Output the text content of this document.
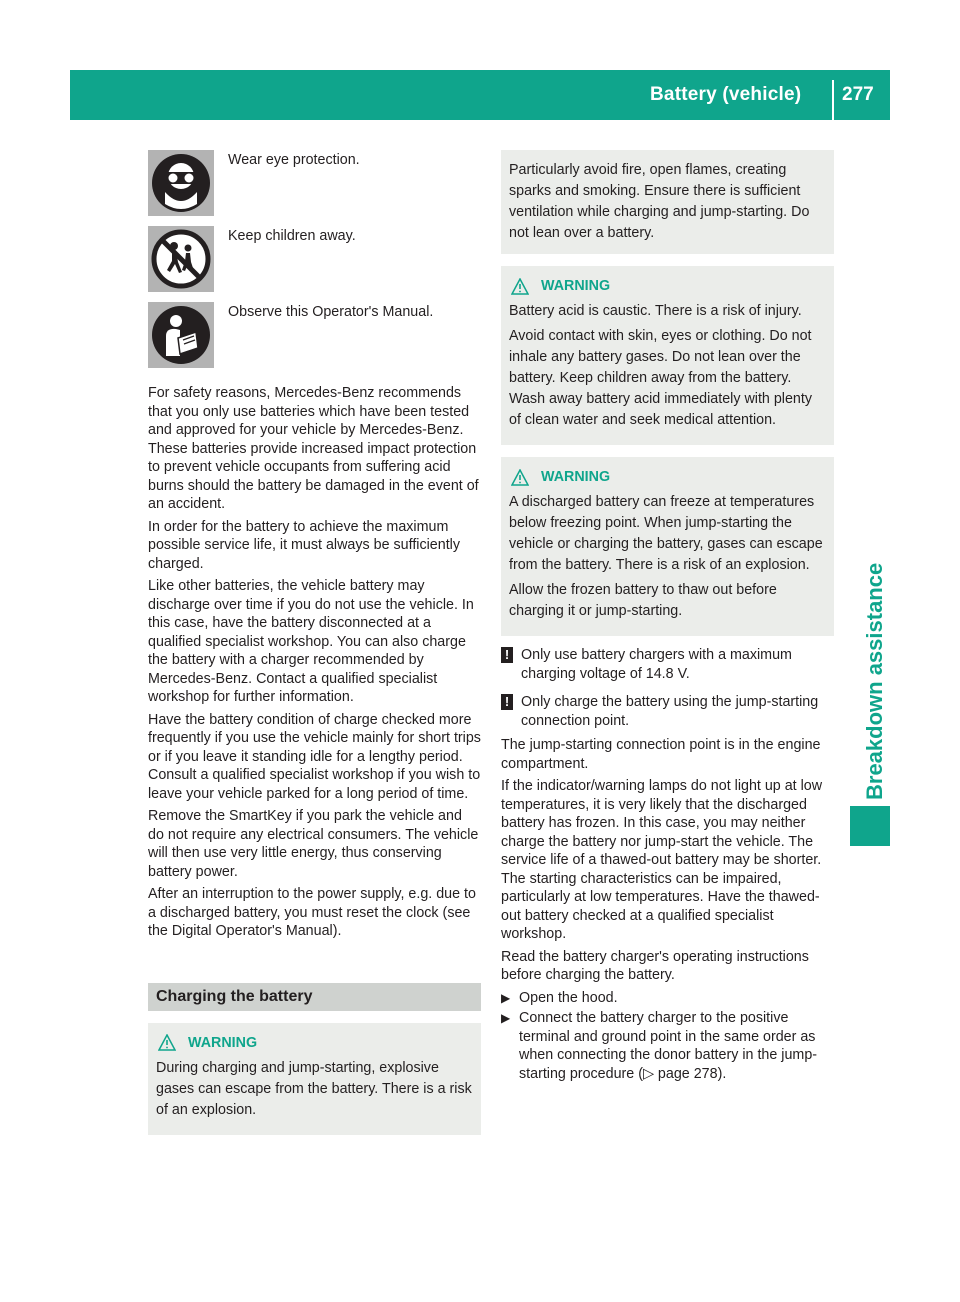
Battery (vehicle) 277
Breakdown assistance
Wear eye protection.
Keep children away.
Observe this Operator's Manual.

For safety reasons, Mercedes-Benz recommends that you only use batteries which have been tested and approved for your vehicle by Mercedes-Benz. These batteries provide increased impact protection to prevent vehicle occupants from suffering acid burns should the battery be damaged in the event of an accident.

In order for the battery to achieve the maximum possible service life, it must always be sufficiently charged.

Like other batteries, the vehicle battery may discharge over time if you do not use the vehicle. In this case, have the battery disconnected at a qualified specialist workshop. You can also charge the battery with a charger recommended by Mercedes-Benz. Contact a qualified specialist workshop for further information.

Have the battery condition of charge checked more frequently if you use the vehicle mainly for short trips or if you leave it standing idle for a lengthy period. Consult a qualified specialist workshop if you wish to leave your vehicle parked for a long period of time.

Remove the SmartKey if you park the vehicle and do not require any electrical consumers. The vehicle will then use very little energy, thus conserving battery power.

After an interruption to the power supply, e.g. due to a discharged battery, you must reset the clock (see the Digital Operator's Manual).

Charging the battery
WARNING

During charging and jump-starting, explosive gases can escape from the battery. There is a risk of an explosion.

Particularly avoid fire, open flames, creating sparks and smoking. Ensure there is sufficient ventilation while charging and jump-starting. Do not lean over a battery.

WARNING

Battery acid is caustic. There is a risk of injury.

Avoid contact with skin, eyes or clothing. Do not inhale any battery gases. Do not lean over the battery. Keep children away from the battery. Wash away battery acid immediately with plenty of clean water and seek medical attention.

WARNING

A discharged battery can freeze at temperatures below freezing point. When jump-starting the vehicle or charging the battery, gases can escape from the battery. There is a risk of an explosion.

Allow the frozen battery to thaw out before charging it or jump-starting.

! Only use battery chargers with a maximum charging voltage of 14.8 V.
! Only charge the battery using the jump-starting connection point.

The jump-starting connection point is in the engine compartment.

If the indicator/warning lamps do not light up at low temperatures, it is very likely that the discharged battery has frozen. In this case, you may neither charge the battery nor jump-start the vehicle. The service life of a thawed-out battery may be shorter. The starting characteristics can be impaired, particularly at low temperatures. Have the thawed-out battery checked at a qualified specialist workshop.

Read the battery charger's operating instructions before charging the battery.

▶ Open the hood.
▶ Connect the battery charger to the positive terminal and ground point in the same order as when connecting the donor battery in the jump-starting procedure (▷ page 278).
